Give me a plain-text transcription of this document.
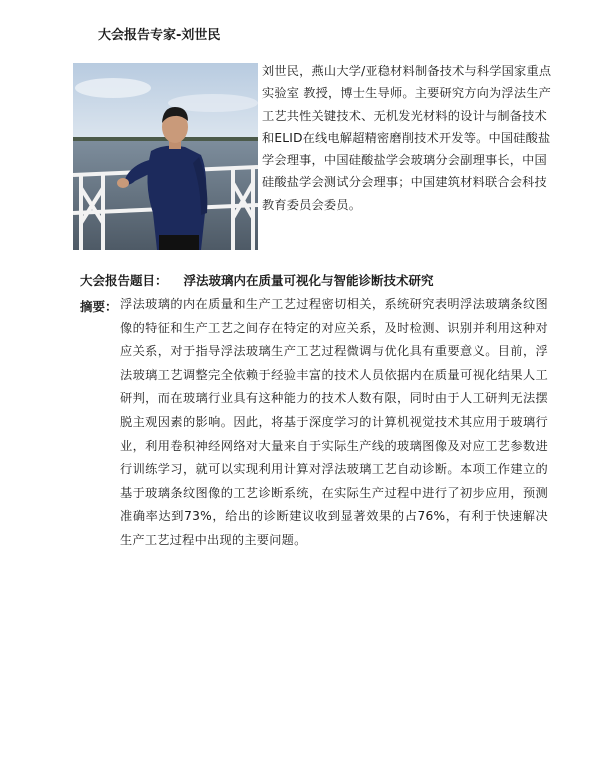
大会报告专家-刘世民

刘世民，燕山大学/亚稳材料制备技术与科学国家重点实验室 教授，博士生导师。主要研究方向为浮法生产工艺共性关键技术、无机发光材料的设计与制备技术和ELID在线电解超精密磨削技术开发等。中国硅酸盐学会理事，中国硅酸盐学会玻璃分会副理事长，中国硅酸盐学会测试分会理事；中国建筑材料联合会科技教育委员会委员。

大会报告题目： 浮法玻璃内在质量可视化与智能诊断技术研究
摘要： 浮法玻璃的内在质量和生产工艺过程密切相关，系统研究表明浮法玻璃条纹图像的特征和生产工艺之间存在特定的对应关系，及时检测、识别并利用这种对应关系，对于指导浮法玻璃生产工艺过程微调与优化具有重要意义。目前，浮法玻璃工艺调整完全依赖于经验丰富的技术人员依据内在质量可视化结果人工研判，而在玻璃行业具有这种能力的技术人数有限，同时由于人工研判无法摆脱主观因素的影响。因此，将基于深度学习的计算机视觉技术其应用于玻璃行业，利用卷积神经网络对大量来自于实际生产线的玻璃图像及对应工艺参数进行训练学习，就可以实现利用计算对浮法玻璃工艺自动诊断。本项工作建立的基于玻璃条纹图像的工艺诊断系统，在实际生产过程中进行了初步应用，预测准确率达到73%，给出的诊断建议收到显著效果的占76%，有利于快速解决生产工艺过程中出现的主要问题。
